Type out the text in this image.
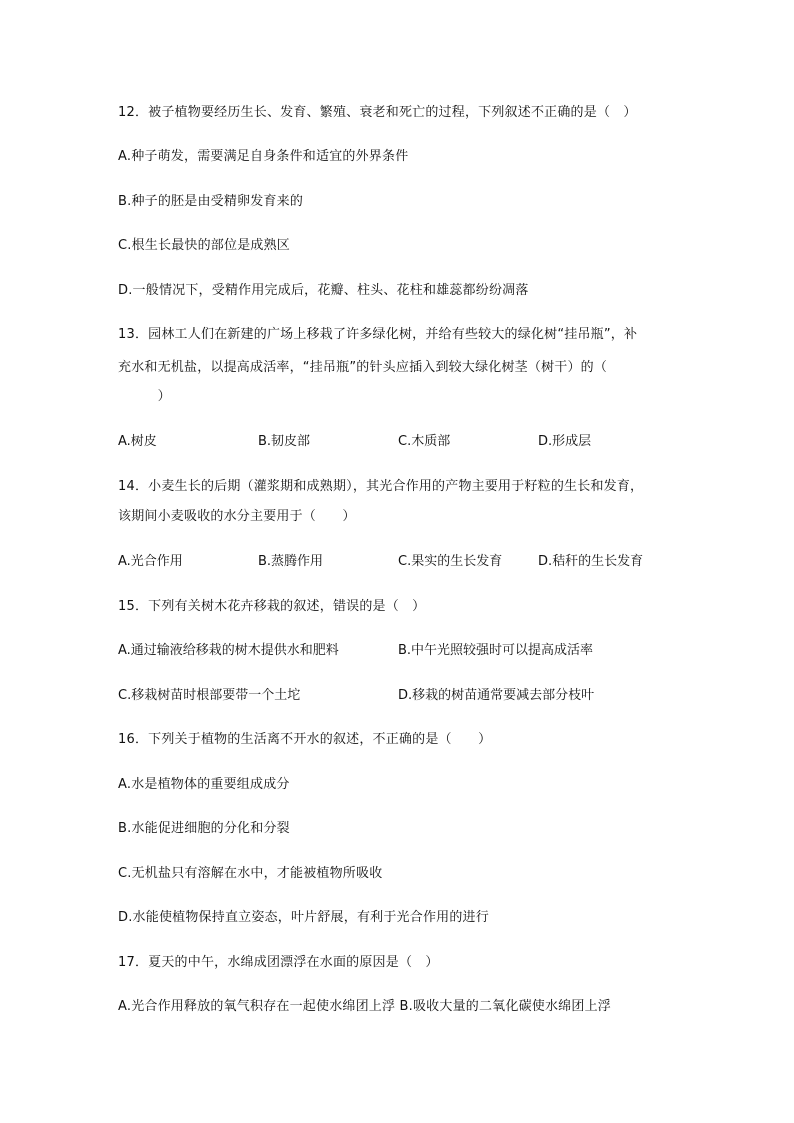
12．被子植物要经历生长、发育、繁殖、衰老和死亡的过程，下列叙述不正确的是（　）
A.种子萌发，需要满足自身条件和适宜的外界条件
B.种子的胚是由受精卵发育来的
C.根生长最快的部位是成熟区
D.一般情况下，受精作用完成后，花瓣、柱头、花柱和雄蕊都纷纷凋落
13．园林工人们在新建的广场上移栽了许多绿化树，并给有些较大的绿化树“挂吊瓶”，补
充水和无机盐，以提高成活率，“挂吊瓶”的针头应插入到较大绿化树茎（树干）的（
　　　）
A.树皮	B.韧皮部	C.木质部	D.形成层
14．小麦生长的后期（灌浆期和成熟期），其光合作用的产物主要用于籽粒的生长和发育，
该期间小麦吸收的水分主要用于（　　）
A.光合作用	B.蒸腾作用	C.果实的生长发育	D.秸秆的生长发育
15．下列有关树木花卉移栽的叙述，错误的是（　）
A.通过输液给移栽的树木提供水和肥料	B.中午光照较强时可以提高成活率
C.移栽树苗时根部要带一个土坨	D.移栽的树苗通常要减去部分枝叶
16．下列关于植物的生活离不开水的叙述，不正确的是（　　）
A.水是植物体的重要组成成分
B.水能促进细胞的分化和分裂
C.无机盐只有溶解在水中，才能被植物所吸收
D.水能使植物保持直立姿态，叶片舒展，有利于光合作用的进行
17．夏天的中午，水绵成团漂浮在水面的原因是（　）
A.光合作用释放的氧气积存在一起使水绵团上浮 B.吸收大量的二氧化碳使水绵团上浮
